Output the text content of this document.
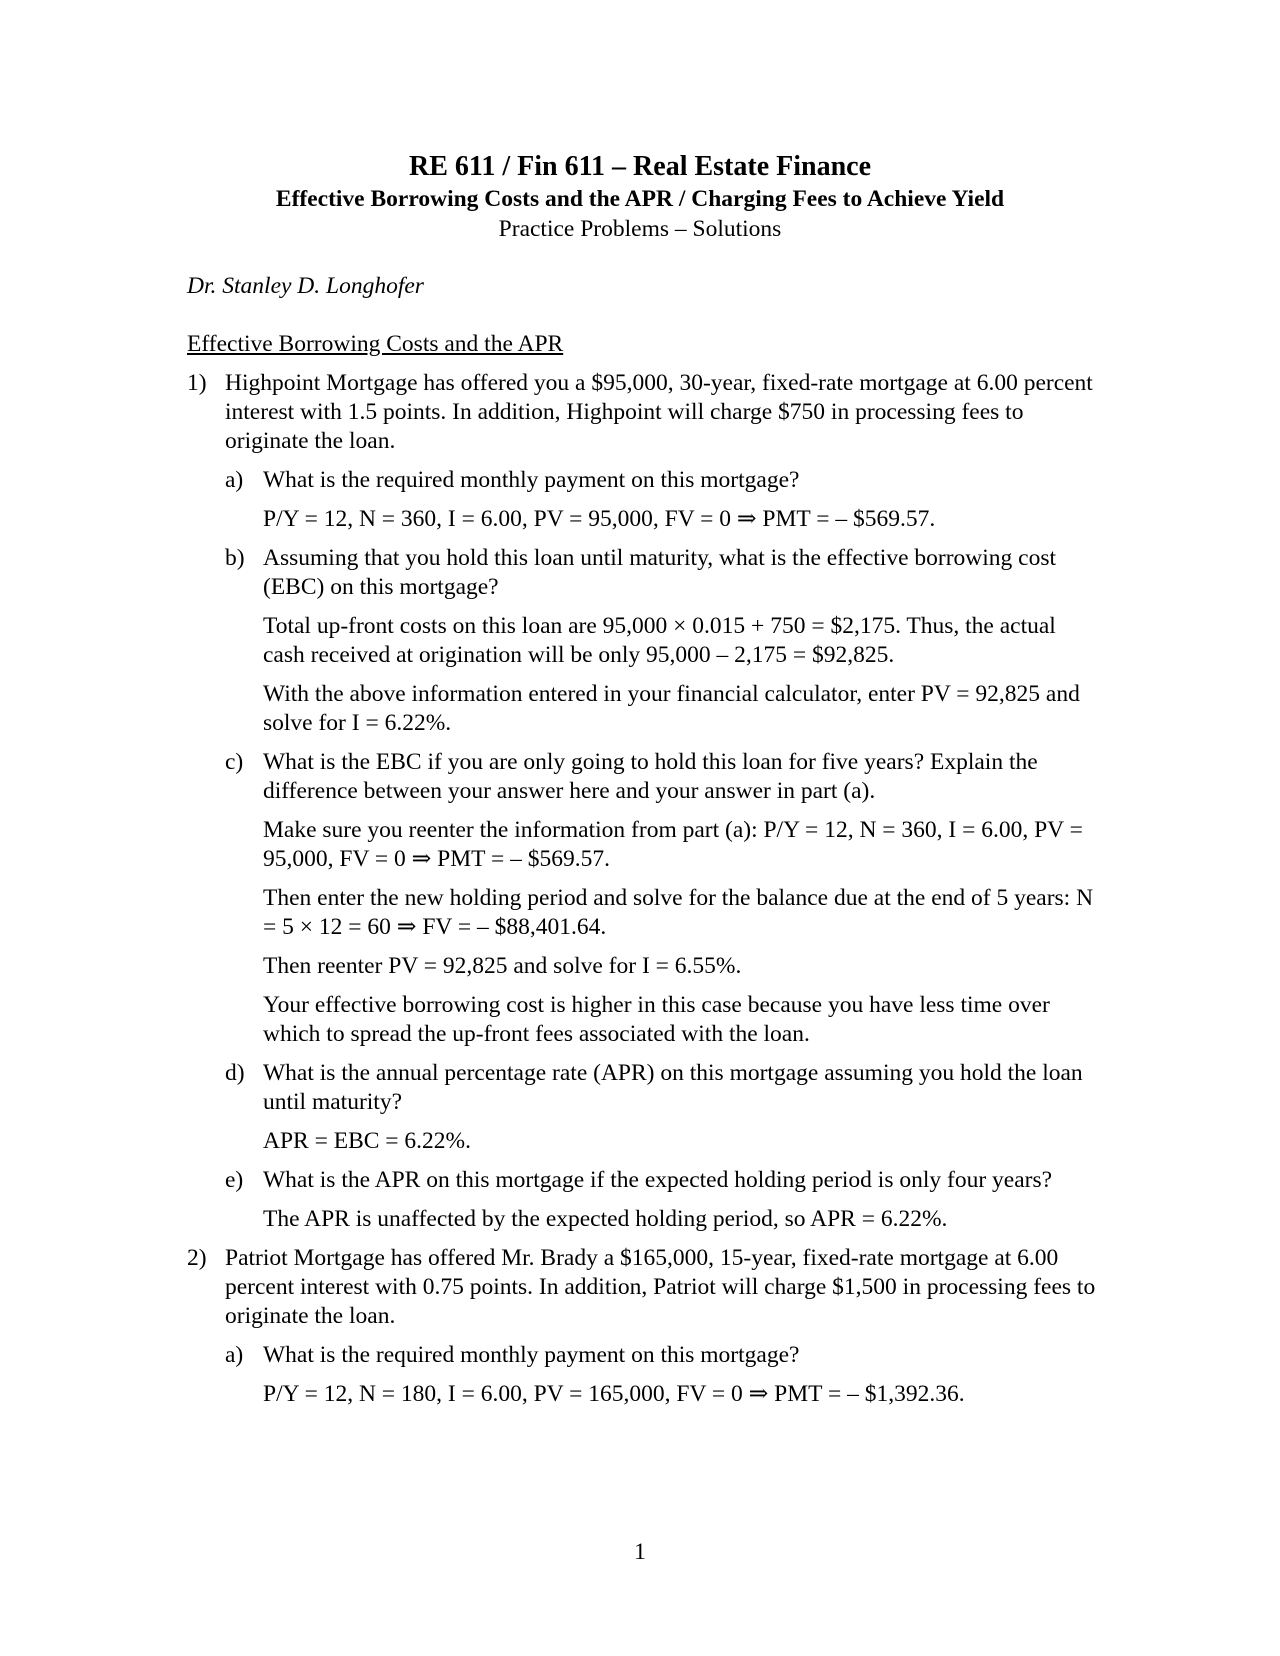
RE 611 / Fin 611 – Real Estate Finance

Effective Borrowing Costs and the APR / Charging Fees to Achieve Yield

Practice Problems – Solutions

Dr. Stanley D. Longhofer

Effective Borrowing Costs and the APR

1) Highpoint Mortgage has offered you a $95,000, 30-year, fixed-rate mortgage at 6.00 percent interest with 1.5 points. In addition, Highpoint will charge $750 in processing fees to originate the loan.
a) What is the required monthly payment on this mortgage?

P/Y = 12, N = 360, I = 6.00, PV = 95,000, FV = 0 ⇒ PMT = – $569.57.

b) Assuming that you hold this loan until maturity, what is the effective borrowing cost (EBC) on this mortgage?

Total up-front costs on this loan are 95,000 × 0.015 + 750 = $2,175. Thus, the actual cash received at origination will be only 95,000 – 2,175 = $92,825.

With the above information entered in your financial calculator, enter PV = 92,825 and solve for I = 6.22%.

c) What is the EBC if you are only going to hold this loan for five years? Explain the difference between your answer here and your answer in part (a).

Make sure you reenter the information from part (a): P/Y = 12, N = 360, I = 6.00, PV = 95,000, FV = 0 ⇒ PMT = – $569.57.

Then enter the new holding period and solve for the balance due at the end of 5 years: N = 5 × 12 = 60 ⇒ FV = – $88,401.64.

Then reenter PV = 92,825 and solve for I = 6.55%.

Your effective borrowing cost is higher in this case because you have less time over which to spread the up-front fees associated with the loan.

d) What is the annual percentage rate (APR) on this mortgage assuming you hold the loan until maturity?

APR = EBC = 6.22%.

e) What is the APR on this mortgage if the expected holding period is only four years?

The APR is unaffected by the expected holding period, so APR = 6.22%.

2) Patriot Mortgage has offered Mr. Brady a $165,000, 15-year, fixed-rate mortgage at 6.00 percent interest with 0.75 points. In addition, Patriot will charge $1,500 in processing fees to originate the loan.
a) What is the required monthly payment on this mortgage?

P/Y = 12, N = 180, I = 6.00, PV = 165,000, FV = 0 ⇒ PMT = – $1,392.36.

1
